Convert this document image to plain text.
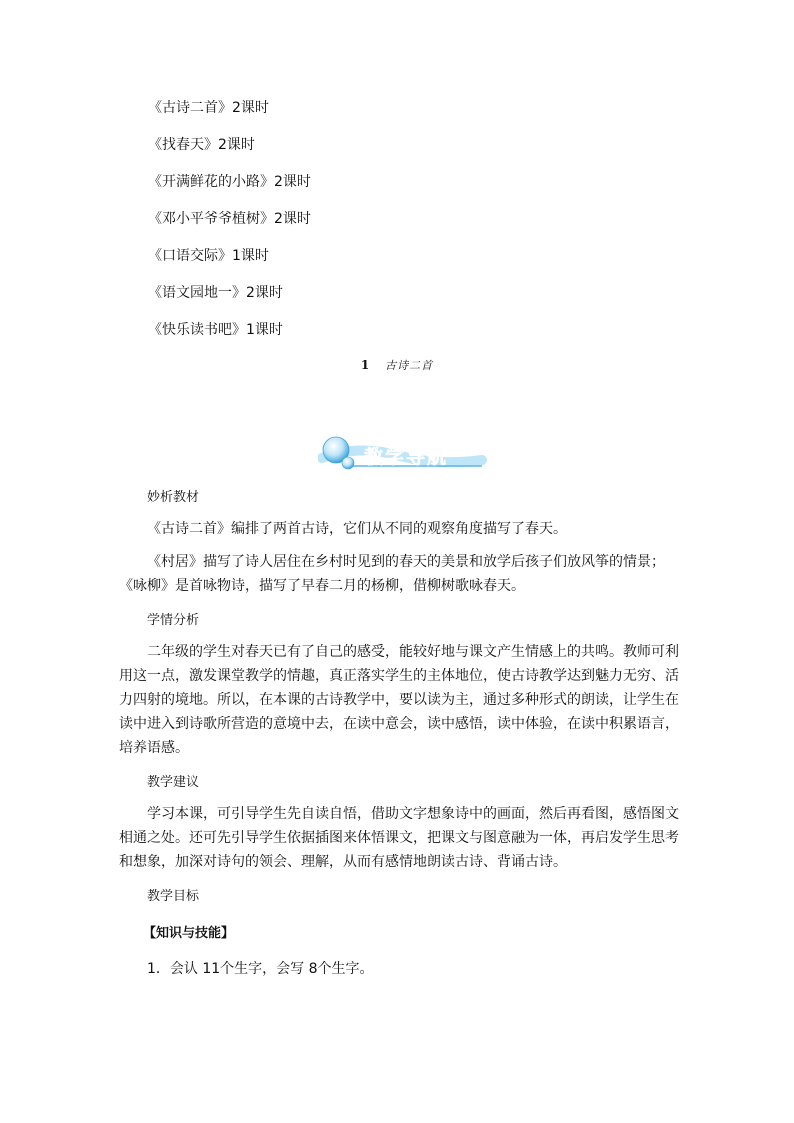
《古诗二首》2课时
《找春天》2课时
《开满鲜花的小路》2课时
《邓小平爷爷植树》2课时
《口语交际》1课时
《语文园地一》2课时
《快乐读书吧》1课时
1 古诗二首
教学导航
妙析教材

《古诗二首》编排了两首古诗，它们从不同的观察角度描写了春天。

《村居》描写了诗人居住在乡村时见到的春天的美景和放学后孩子们放风筝的情景；《咏柳》是首咏物诗，描写了早春二月的杨柳，借柳树歌咏春天。

学情分析

二年级的学生对春天已有了自己的感受，能较好地与课文产生情感上的共鸣。教师可利用这一点，激发课堂教学的情趣，真正落实学生的主体地位，使古诗教学达到魅力无穷、活力四射的境地。所以，在本课的古诗教学中，要以读为主，通过多种形式的朗读，让学生在读中进入到诗歌所营造的意境中去，在读中意会，读中感悟，读中体验，在读中积累语言，培养语感。

教学建议

学习本课，可引导学生先自读自悟，借助文字想象诗中的画面，然后再看图，感悟图文相通之处。还可先引导学生依据插图来体悟课文，把课文与图意融为一体，再启发学生思考和想象，加深对诗句的领会、理解，从而有感情地朗读古诗、背诵古诗。

教学目标
【知识与技能】

1．会认 11个生字，会写 8个生字。
